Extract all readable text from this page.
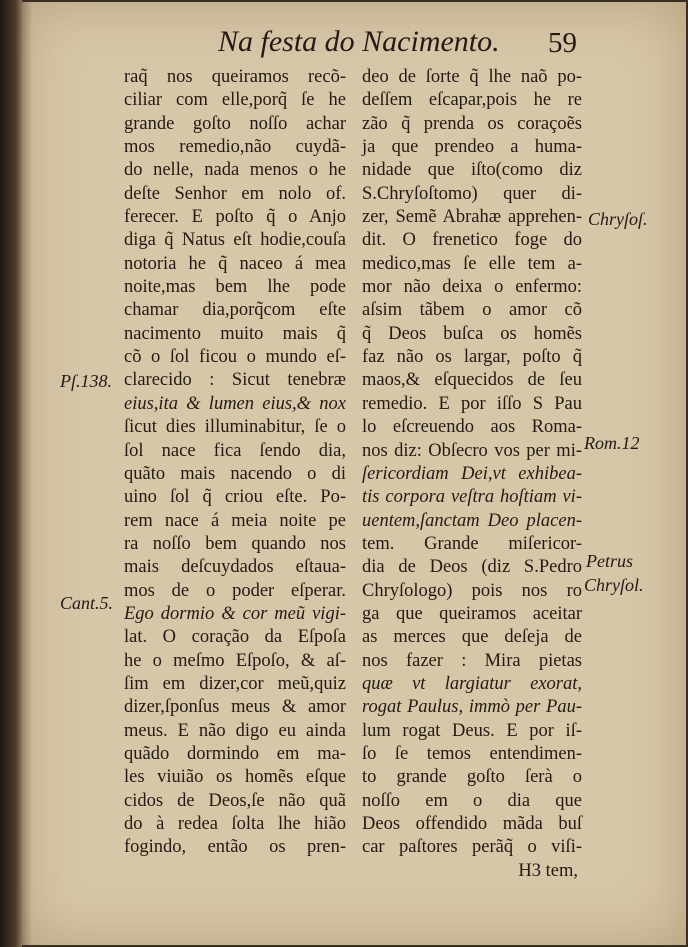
Na festa do Nacimento. 59
raq̃ nos queiramos recõ-
ciliar com elle,porq̃ ſe he
grande goſto noſſo achar
mos remedio,não cuydã-
do nelle, nada menos o he
deſte Senhor em nolo of.
ferecer. E poſto q̃ o Anjo
diga q̃ Natus eſt hodie,couſa
notoria he q̃ naceo á mea
noite,mas bem lhe pode
chamar dia,porq̃com eſte
nacimento muito mais q̃
cõ o ſol ficou o mundo eſ-
clarecido : Sicut tenebræ
eius,ita & lumen eius,& nox
ſicut dies illuminabitur, ſe o
ſol nace fica ſendo dia,
quãto mais nacendo o di
uino ſol q̃ criou eſte. Po-
rem nace á meia noite pe
ra noſſo bem quando nos
mais deſcuydados eſtaua-
mos de o poder eſperar.
Ego dormio & cor meũ vigi-
lat. O coração da Eſpoſa
he o meſmo Eſpoſo, & aſ-
ſim em dizer,cor meũ,quiz
dizer,ſponſus meus & amor
meus. E não digo eu ainda
quãdo dormindo em ma-
les viuião os homẽs eſque
cidos de Deos,ſe não quã
do à redea ſolta lhe hião
fogindo, então os pren-
deo de ſorte q̃ lhe naõ po-
deſſem eſcapar,pois he re
zão q̃ prenda os coraçoẽs
ja que prendeo a huma-
nidade que iſto(como diz
S.Chryſoſtomo) quer di-
zer, Semẽ Abrahæ apprehen-
dit. O frenetico foge do
medico,mas ſe elle tem a-
mor não deixa o enfermo:
aſsim tãbem o amor cõ
q̃ Deos buſca os homẽs
faz não os largar, poſto q̃
maos,& eſquecidos de ſeu
remedio. E por iſſo S Pau
lo eſcreuendo aos Roma-
nos diz: Obſecro vos per mi-
ſericordiam Dei,vt exhibea-
tis corpora veſtra hoſtiam vi-
uentem,ſanctam Deo placen-
tem. Grande miſericor-
dia de Deos (diz S.Pedro
Chryſologo) pois nos ro
ga que queiramos aceitar
as merces que deſeja de
nos fazer : Mira pietas
quæ vt largiatur exorat,
rogat Paulus, immò per Pau-
lum rogat Deus. E por iſ-
ſo ſe temos entendimen-
to grande goſto ſerà o
noſſo em o dia que
Deos offendido mãda buſ
car paſtores perãq̃ o viſi-
H3 tem,
Pſ.138.
Cant.5.
Chryſoſ.
Rom.12
Petrus
Chryſol.
